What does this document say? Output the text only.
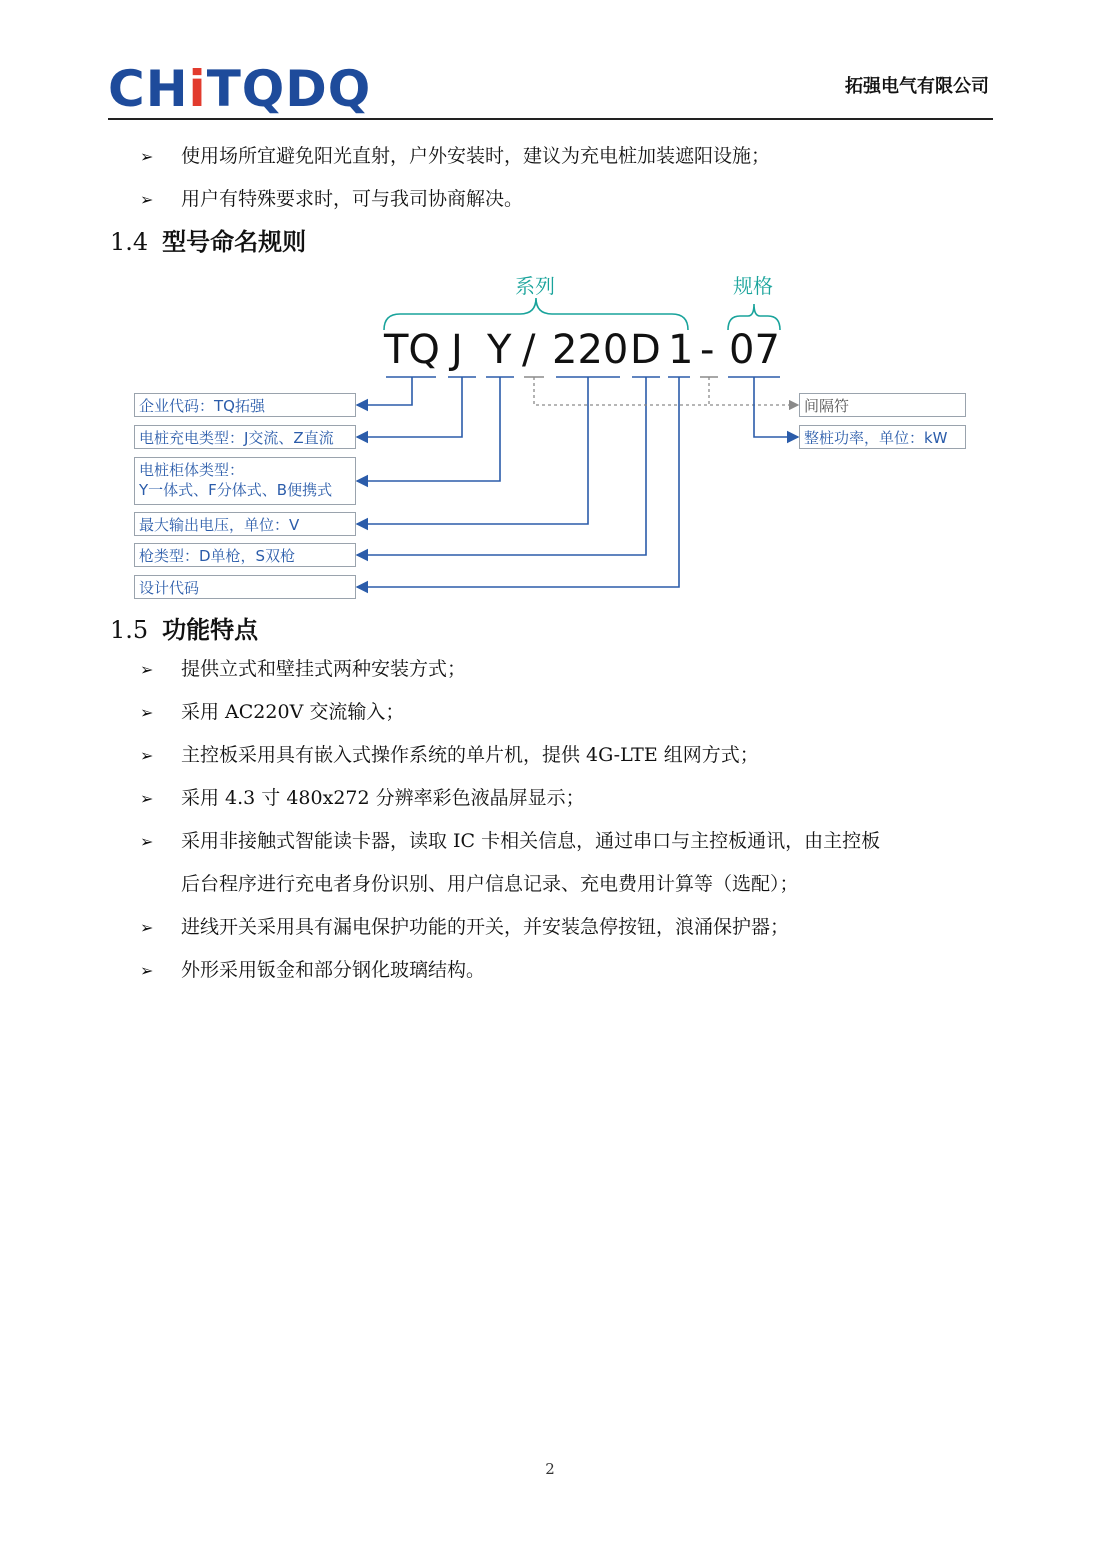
CHiTQDQ	拓强电气有限公司
➢ 使用场所宜避免阳光直射，户外安装时，建议为充电桩加装遮阳设施；
➢ 用户有特殊要求时，可与我司协商解决。
1.4 型号命名规则
系列	规格
TQ J Y / 220 D 1 - 07
企业代码：TQ拓强
电桩充电类型：J交流、Z直流
电桩柜体类型：
Y一体式、F分体式、B便携式
最大输出电压，单位：V
枪类型：D单枪，S双枪
设计代码
间隔符
整桩功率，单位：kW
1.5 功能特点
➢ 提供立式和壁挂式两种安装方式；
➢ 采用 AC220V 交流输入；
➢ 主控板采用具有嵌入式操作系统的单片机，提供 4G-LTE 组网方式；
➢ 采用 4.3 寸 480x272 分辨率彩色液晶屏显示；
➢ 采用非接触式智能读卡器，读取 IC 卡相关信息，通过串口与主控板通讯，由主控板
后台程序进行充电者身份识别、用户信息记录、充电费用计算等（选配）；
➢ 进线开关采用具有漏电保护功能的开关，并安装急停按钮，浪涌保护器；
➢ 外形采用钣金和部分钢化玻璃结构。
2
